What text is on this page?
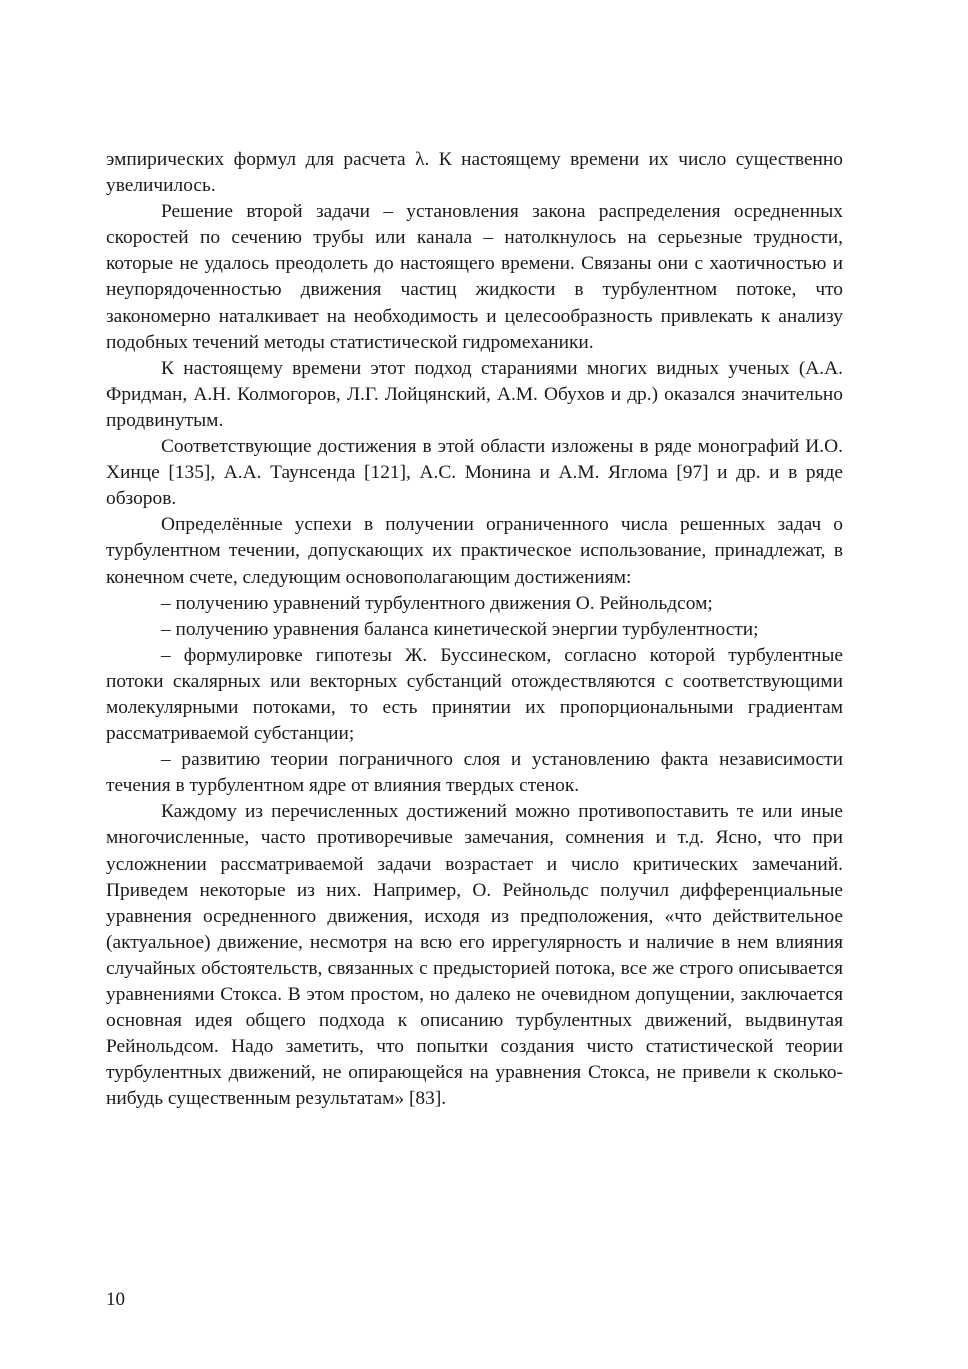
эмпирических формул для расчета λ. К настоящему времени их число существенно увеличилось.

Решение второй задачи – установления закона распределения осредненных скоростей по сечению трубы или канала – натолкнулось на серьезные трудности, которые не удалось преодолеть до настоящего времени. Связаны они с хаотичностью и неупорядоченностью движения частиц жидкости в турбулентном потоке, что закономерно наталкивает на необходимость и целесообразность привлекать к анализу подобных течений методы статистической гидромеханики.

К настоящему времени этот подход стараниями многих видных ученых (А.А. Фридман, А.Н. Колмогоров, Л.Г. Лойцянский, А.М. Обухов и др.) оказался значительно продвинутым.

Соответствующие достижения в этой области изложены в ряде монографий И.О. Хинце [135], А.А. Таунсенда [121], А.С. Монина и А.М. Яглома [97] и др. и в ряде обзоров.

Определённые успехи в получении ограниченного числа решенных задач о турбулентном течении, допускающих их практическое использование, принадлежат, в конечном счете, следующим основополагающим достижениям:

– получению уравнений турбулентного движения О. Рейнольдсом;

– получению уравнения баланса кинетической энергии турбулентности;

– формулировке гипотезы Ж. Буссинеском, согласно которой турбулентные потоки скалярных или векторных субстанций отождествляются с соответствующими молекулярными потоками, то есть принятии их пропорциональными градиентам рассматриваемой субстанции;

– развитию теории пограничного слоя и установлению факта независимости течения в турбулентном ядре от влияния твердых стенок.

Каждому из перечисленных достижений можно противопоставить те или иные многочисленные, часто противоречивые замечания, сомнения и т.д. Ясно, что при усложнении рассматриваемой задачи возрастает и число критических замечаний. Приведем некоторые из них. Например, О. Рейнольдс получил дифференциальные уравнения осредненного движения, исходя из предположения, «что действительное (актуальное) движение, несмотря на всю его иррегулярность и наличие в нем влияния случайных обстоятельств, связанных с предысторией потока, все же строго описывается уравнениями Стокса. В этом простом, но далеко не очевидном допущении, заключается основная идея общего подхода к описанию турбулентных движений, выдвинутая Рейнольдсом. Надо заметить, что попытки создания чисто статистической теории турбулентных движений, не опирающейся на уравнения Стокса, не привели к сколько-нибудь существенным результатам» [83].

10
